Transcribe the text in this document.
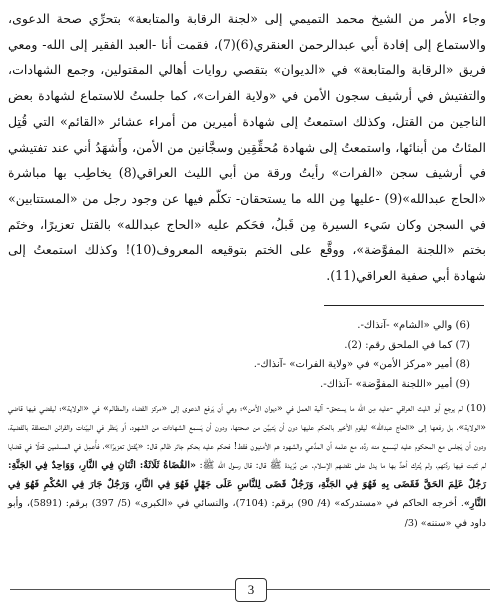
وجاء الأمر من الشيخ محمد التميمي إلى «لجنة الرقابة والمتابعة» بتحرِّي صحة الدعوى، والاستماع إلى إفادة أبي عبدالرحمن العنقري(6)(7)، فقمت أنا -العبد الفقير إلى الله- ومعي فريق «الرقابة والمتابعة» في «الديوان» بتقصي روايات أهالي المقتولين، وجمع الشهادات، والتفتيش في أرشيف سجون الأمن في «ولاية الفرات»، كما جلستُ للاستماع لشهادة بعض الناجين من القتل، وكذلك استمعتُ إلى شهادة أميرين من أمراء عشائر «القائم» التي قُتِل المئاتُ من أبنائها، واستمعتُ إلى شهادة مُحقِّقِين وسجَّانين من الأمن، وأَشهَدُ أني عند تفتيشي في أرشيف سجن «الفرات» رأيتُ ورقة من أبي الليث العراقي(8) يخاطِب بها مباشرة «الحاج عبدالله»(9) -عليها مِن الله ما يستحقان- تكلّم فيها عن وجود رجل من «المستتابين» في السجن وكان سَيء السيرة مِن قَبلُ، فحَكم عليه «الحاج عبدالله» بالقتل تعزيرًا، وختَم بختم «اللجنة المفوَّضة»، ووقَّع على الختم بتوقيعه المعروف(10)! وكذلك استمعتُ إلى شهادة أبي صفية العراقي(11).

(6) والي «الشام» -آنذاك-.
(7) كما في الملحق رقم: (2).
(8) أمير «مركز الأمن» في «ولاية الفرات» -آنذاك-.
(9) أمير «اللجنة المفوَّضة» -آنذاك-.

(10) لم يرجع أبو الليث العراقي -عليه مِن الله ما يستحق- آلية العمل في «ديوان الأمن»؛ وهي أن يَرفع الدعوى إلى «مركز القضاء والمظالم» في «الولاية»؛ ليقضي فيها قاضي «الولاية»، بل رفعها إلى «الحاج عبدالله» ليقوم الأخير بالحكم عليها دون أن يَتبيَّن من صحتها، ودون أن يَسمع الشهادات من الشهود، أو يَنظر في البيّنات والقرائن المتعلقة بالقضية، ودون أن يَجلس مع المحكوم عليه ليَسمع منه ردَّه، مع علمه أن المدَّعي والشهود هم الأمنيون فقط! فحكم عليه بحكم جائر ظالم قال: «يُقتل تعزيرًا»، فأُعمِل في المسلمين قتلًا في قضايا لم تَثبت فيها ردَّتهم، ولم يُترك أحدٌ بها ما يدل على نقضهم الإسلام. عن بُرَيدة ﷺ قال: قال رسول الله ﷺ: «القُضَاةُ ثَلَاثَةٌ: اثْنَانِ فِي النَّارِ، وَوَاحِدٌ فِي الجَنَّةِ: رَجُلٌ عَلِمَ الحَقَّ فَقَضَى بِهِ فَهُوَ فِي الجَنَّةِ، وَرَجُلٌ قَضَى لِلنَّاسِ عَلَى جَهْلٍ فَهُوَ فِي النَّارِ، وَرَجُلٌ جَارَ فِي الحُكْمِ فَهُوَ فِي النَّارِ». أخرجه الحاكم في «مستدركه» (4/ 90) برقم: (7104)، والنسائي في «الكبرى» (5/ 397) برقم: (5891)، وأبو داود في «سننه» (3/

3
